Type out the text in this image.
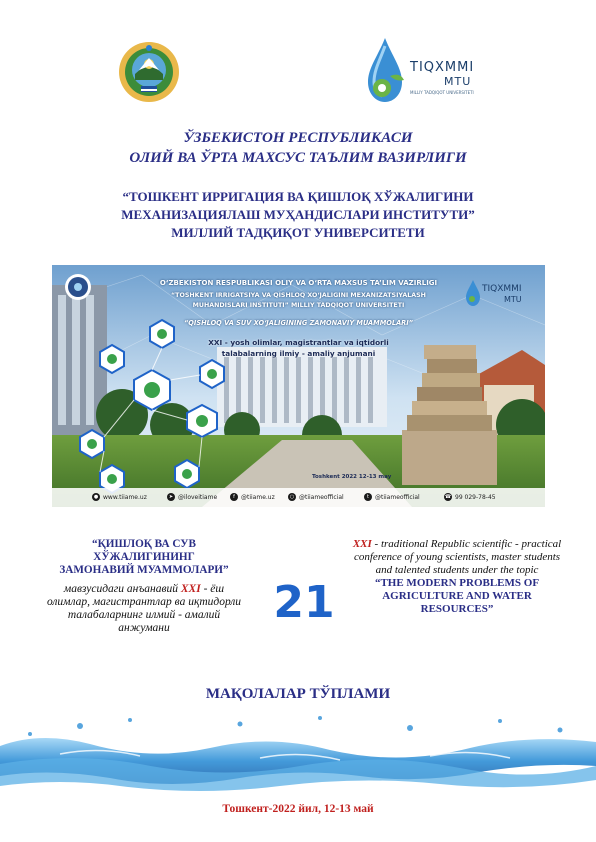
TIQXMMI
MTU
MILLIY TADQIQOT UNIVERSITETI
ЎЗБЕКИСТОН РЕСПУБЛИКАСИ
ОЛИЙ ВА ЎРТА МАХСУС ТАЪЛИМ ВАЗИРЛИГИ
“ТОШКЕНТ ИРРИГАЦИЯ ВА ҚИШЛОҚ ХЎЖАЛИГИНИ
МЕХАНИЗАЦИЯЛАШ МУҲАНДИСЛАРИ ИНСТИТУТИ”
МИЛЛИЙ ТАДҚИҚОТ УНИВЕРСИТЕТИ
TIQXMMI
MTU
O‘ZBEKISTON RESPUBLIKASI OLIY VA O‘RTA MAXSUS TA’LIM VAZIRLIGI
“TOSHKENT IRRIGATSIYA VA QISHLOQ XO‘JALIGINI MEXANIZATSIYALASH
MUHANDISLARI INSTITUTI” MILLIY TADQIQOT UNIVERSITETI
“QISHLOQ VA SUV XO‘JALIGINING ZAMONAVIY MUAMMOLARI”
XXI - yosh olimlar, magistrantlar va iqtidorli
talabalarning ilmiy - amaliy anjumani
Toshkent 2022 12-13 may
● www.tiiame.uz	➤ @iloveitiame	f	@tiiame.uz	○ @tiiameofficial	t	@tiiameofficial	☎ 99 029-78-45
“ҚИШЛОҚ ВА СУВ
ХЎЖАЛИГИНИНГ
ЗАМОНАВИЙ МУАММОЛАРИ”
мавзусидаги анъанавий XXI - ёш олимлар, магистрантлар ва иқтидорли талабаларнинг илмий - амалий анжумани	21
XXI - traditional Republic scientific - practical conference of young scientists, master students and talented students under the topic
“THE MODERN PROBLEMS OF AGRICULTURE AND WATER RESOURCES”
МАҚОЛАЛАР ТЎПЛАМИ
Тошкент-2022 йил, 12-13 май
